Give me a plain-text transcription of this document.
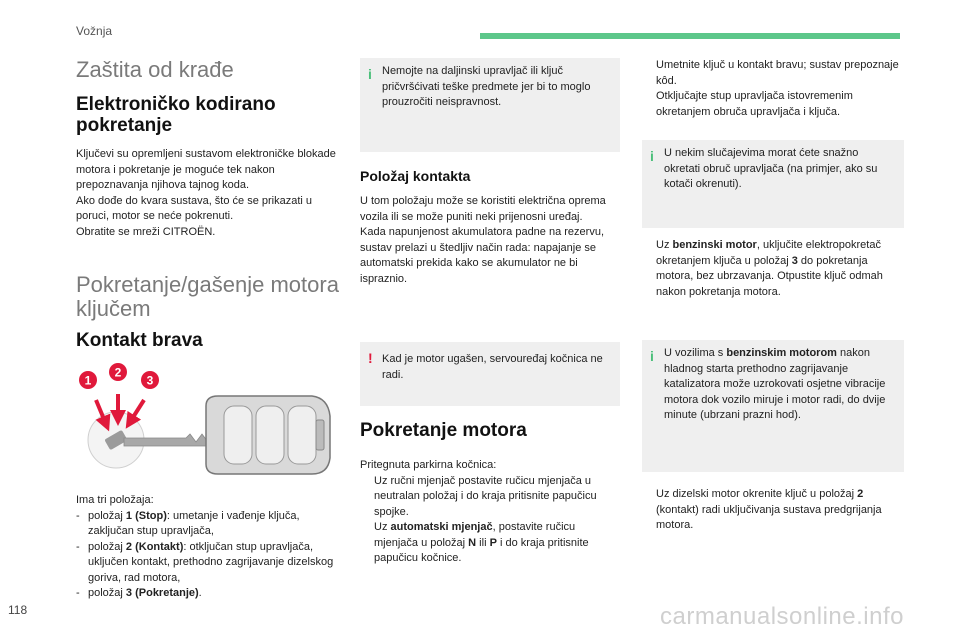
Vožnja
Zaštita od krađe
Elektroničko kodirano pokretanje

Ključevi su opremljeni sustavom elektroničke blokade motora i pokretanje je moguće tek nakon prepoznavanja njihova tajnog koda.

Ako dođe do kvara sustava, što će se prikazati u poruci, motor se neće pokrenuti.

Obratite se mreži CITROËN.

Pokretanje/gašenje motora ključem
Kontakt brava
1
2
3

Ima tri položaja:

- položaj 1 (Stop): umetanje i vađenje ključa, zaključan stup upravljača,
- položaj 2 (Kontakt): otključan stup upravljača, uključen kontakt, prethodno zagrijavanje dizelskog goriva, rad motora,
- položaj 3 (Pokretanje).
i Nemojte na daljinski upravljač ili ključ pričvršćivati teške predmete jer bi to moglo prouzročiti neispravnost.
Položaj kontakta

U tom položaju može se koristiti električna oprema vozila ili se može puniti neki prijenosni uređaj.

Kada napunjenost akumulatora padne na rezervu, sustav prelazi u štedljiv način rada: napajanje se automatski prekida kako se akumulator ne bi ispraznio.

! Kad je motor ugašen, servouređaj kočnica ne radi.
Pokretanje motora

Pritegnuta parkirna kočnica:

Uz ručni mjenjač postavite ručicu mjenjača u neutralan položaj i do kraja pritisnite papučicu spojke.
Uz automatski mjenjač, postavite ručicu mjenjača u položaj N ili P i do kraja pritisnite papučicu kočnice.
Umetnite ključ u kontakt bravu; sustav prepoznaje kôd.
Otključajte stup upravljača istovremenim okretanjem obruča upravljača i ključa.
i U nekim slučajevima morat ćete snažno okretati obruč upravljača (na primjer, ako su kotači okrenuti).
Uz benzinski motor, uključite elektropokretač okretanjem ključa u položaj 3 do pokretanja motora, bez ubrzavanja. Otpustite ključ odmah nakon pokretanja motora.
i U vozilima s benzinskim motorom nakon hladnog starta prethodno zagrijavanje katalizatora može uzrokovati osjetne vibracije motora dok vozilo miruje i motor radi, do dvije minute (ubrzani prazni hod).
Uz dizelski motor okrenite ključ u položaj 2 (kontakt) radi uključivanja sustava predgrijanja motora.
118	carmanualsonline.info
